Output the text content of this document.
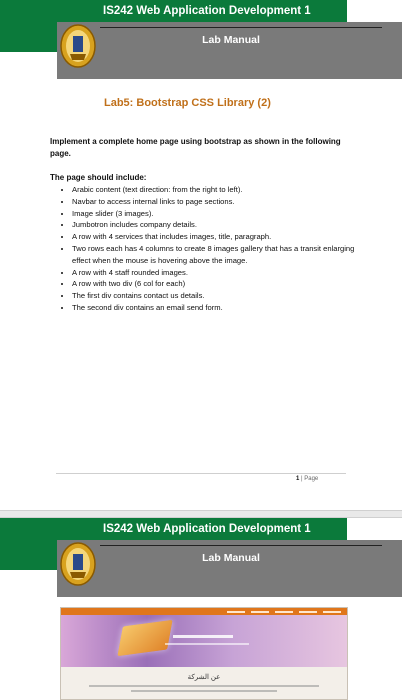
IS242 Web Application Development 1
Lab Manual
Lab5: Bootstrap CSS Library (2)
Implement a complete home page using bootstrap as shown in the following page.
The page should include:
• Arabic content (text direction: from the right to left).
• Navbar to access internal links to page sections.
• Image slider (3 images).
• Jumbotron includes company details.
• A row with 4 services that includes images, title, paragraph.
• Two rows each has 4 columns to create 8 images gallery that has a transit enlarging effect when the mouse is hovering above the image.
• A row with 4 staff rounded images.
• A row with two div (6 col for each)
• The first div contains contact us details.
• The second div contains an email send form.
1 | Page
IS242 Web Application Development 1
Lab Manual
عن الشركة
